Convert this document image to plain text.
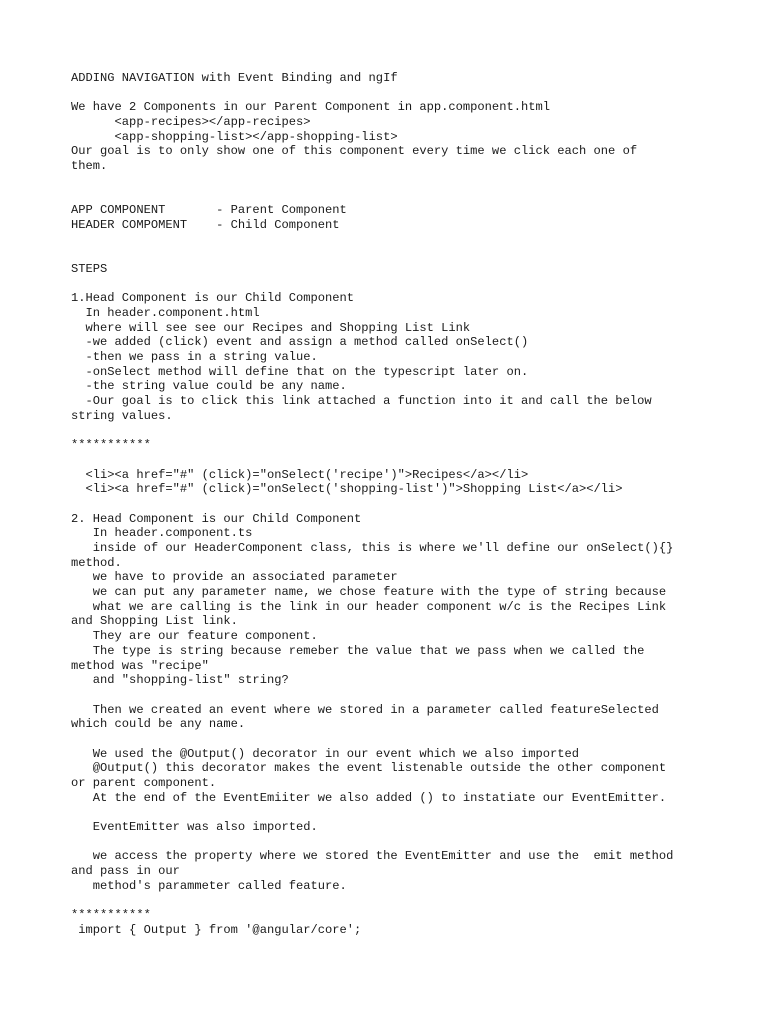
ADDING NAVIGATION with Event Binding and ngIf

We have 2 Components in our Parent Component in app.component.html

<app-recipes></app-recipes>

<app-shopping-list></app-shopping-list>

Our goal is to only show one of this component every time we click each one of

them.

APP COMPONENT       - Parent Component

HEADER COMPOMENT    - Child Component

STEPS

1.Head Component is our Child Component

In header.component.html

where will see see our Recipes and Shopping List Link

-we added (click) event and assign a method called onSelect()

-then we pass in a string value.

-onSelect method will define that on the typescript later on.

-the string value could be any name.

-Our goal is to click this link attached a function into it and call the below

string values.

***********

<li><a href="#" (click)="onSelect('recipe')">Recipes</a></li>

<li><a href="#" (click)="onSelect('shopping-list')">Shopping List</a></li>

2. Head Component is our Child Component

In header.component.ts

inside of our HeaderComponent class, this is where we'll define our onSelect(){}

method.

we have to provide an associated parameter

we can put any parameter name, we chose feature with the type of string because

what we are calling is the link in our header component w/c is the Recipes Link

and Shopping List link.

They are our feature component.

The type is string because remeber the value that we pass when we called the

method was "recipe"

and "shopping-list" string?

Then we created an event where we stored in a parameter called featureSelected

which could be any name.

We used the @Output() decorator in our event which we also imported

@Output() this decorator makes the event listenable outside the other component

or parent component.

At the end of the EventEmiiter we also added () to instatiate our EventEmitter.

EventEmitter was also imported.

we access the property where we stored the EventEmitter and use the  emit method

and pass in our

method's parammeter called feature.

***********

import { Output } from '@angular/core';
